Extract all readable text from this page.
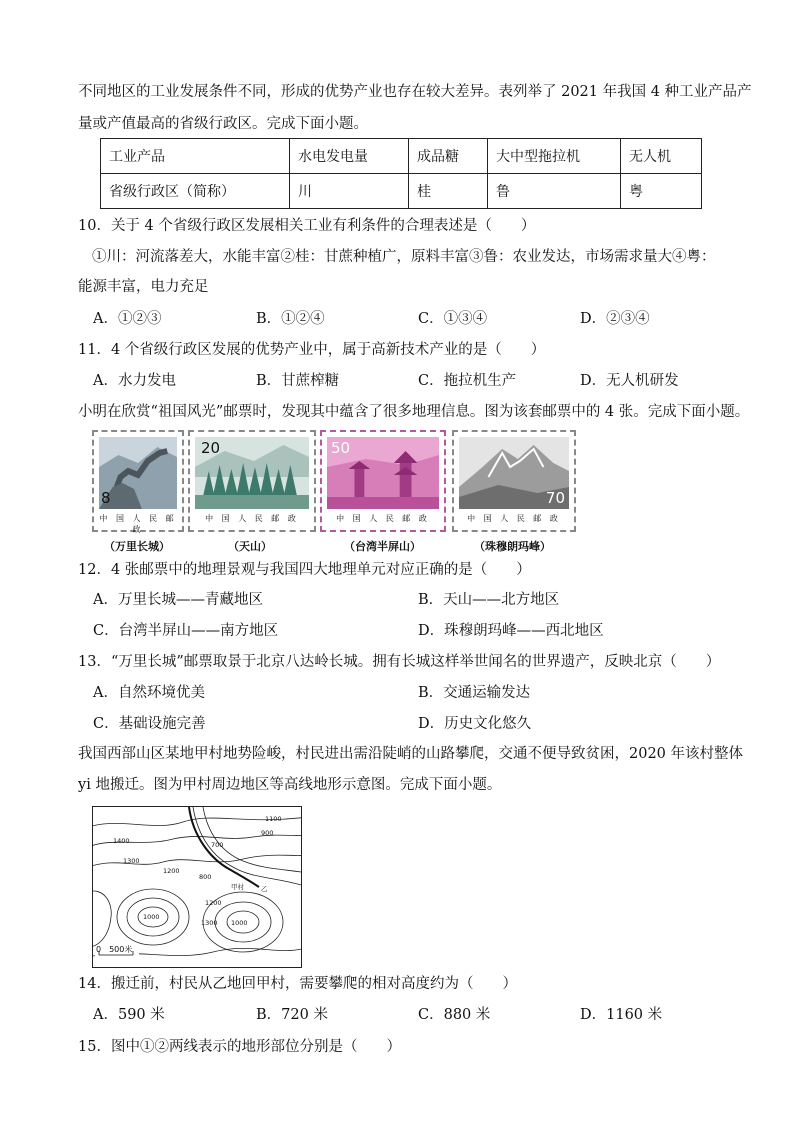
不同地区的工业发展条件不同，形成的优势产业也存在较大差异。表列举了 2021 年我国 4 种工业产品产
量或产值最高的省级行政区。完成下面小题。
工业产品	水电发电量	成品糖	大中型拖拉机	无人机
省级行政区（简称）	川	桂	鲁	粤
10．关于 4 个省级行政区发展相关工业有利条件的合理表述是（　　）
①川：河流落差大，水能丰富②桂：甘蔗种植广，原料丰富③鲁：农业发达，市场需求量大④粤：
能源丰富，电力充足
A．①②③	B．①②④	C．①③④	D．②③④
11．4 个省级行政区发展的优势产业中，属于高新技术产业的是（　　）
A．水力发电	B．甘蔗榨糖	C．拖拉机生产	D．无人机研发
小明在欣赏“祖国风光”邮票时，发现其中蕴含了很多地理信息。图为该套邮票中的 4 张。完成下面小题。
8
中 国 人 民 邮 政
20
中 国 人 民 邮 政
50
中 国 人 民 邮 政
70
中 国 人 民 邮 政
（万里长城）	（天山）	（台湾半屏山）	（珠穆朗玛峰）
12．4 张邮票中的地理景观与我国四大地理单元对应正确的是（　　）
A．万里长城——青藏地区	B．天山——北方地区
C．台湾半屏山——南方地区	D．珠穆朗玛峰——西北地区
13．“万里长城”邮票取景于北京八达岭长城。拥有长城这样举世闻名的世界遗产，反映北京（　　）
A．自然环境优美	B．交通运输发达
C．基础设施完善	D．历史文化悠久
我国西部山区某地甲村地势险峻，村民进出需沿陡峭的山路攀爬，交通不便导致贫困，2020 年该村整体
yi 地搬迁。图为甲村周边地区等高线地形示意图。完成下面小题。
1100
900
700
1400
1300
1200
1000
800
1000
1300
1200
甲村	乙
0　500米
14．搬迁前，村民从乙地回甲村，需要攀爬的相对高度约为（　　）
A．590 米	B．720 米	C．880 米	D．1160 米
15．图中①②两线表示的地形部位分别是（　　）
